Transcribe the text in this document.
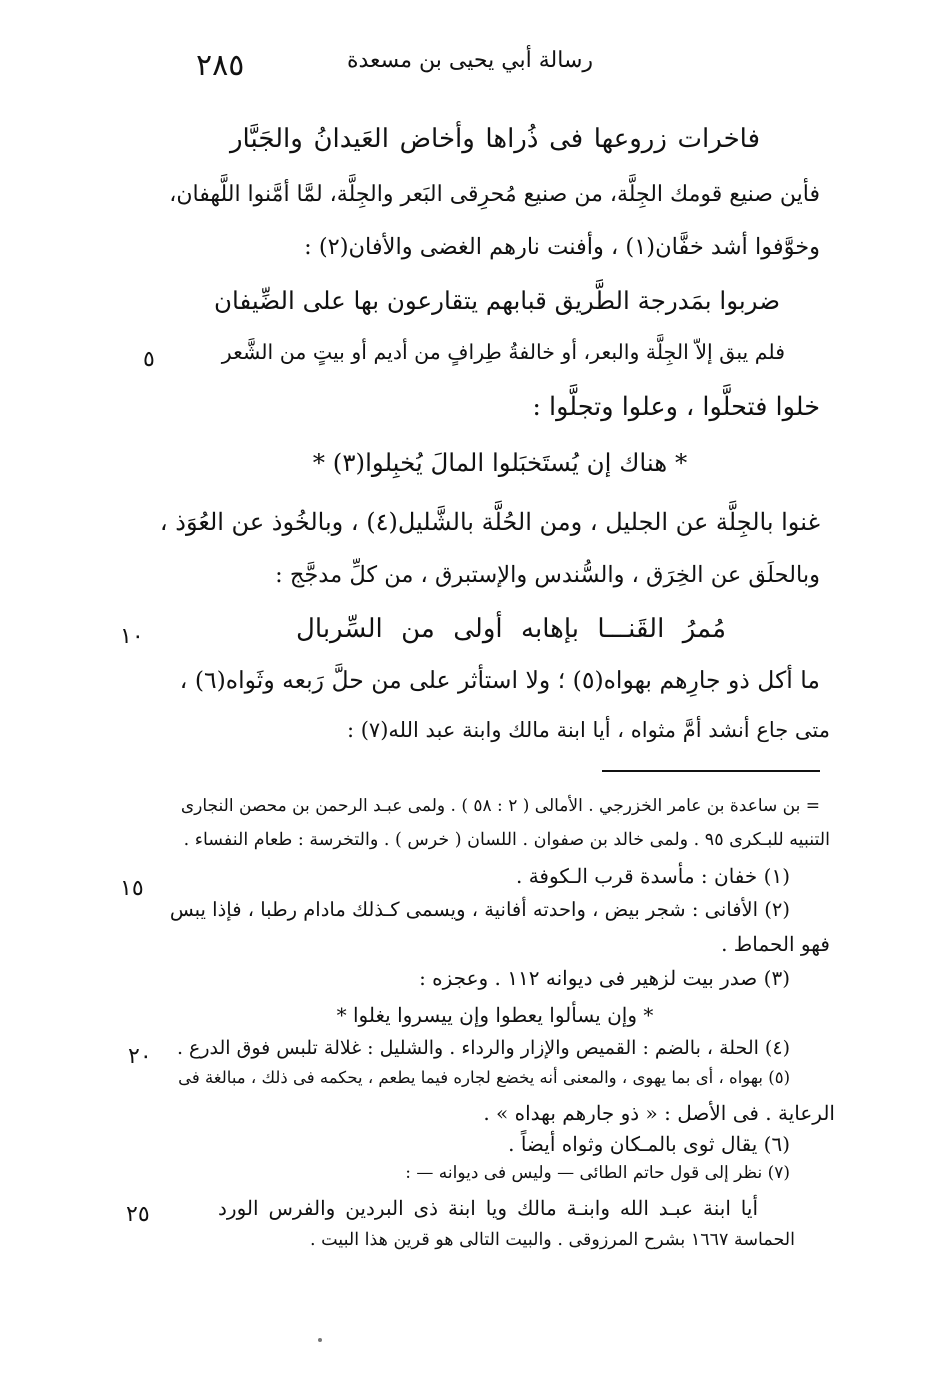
رسالة أبي يحيى بن مسعدة
٢٨٥
فاخرات زروعها فى ذُراها وأخاض العَيدانُ والجَبَّار
فأين صنيع قومك الجِلَّة، من صنيع مُحرِقى البَعر والجِلَّة، لمَّا أمَّنوا اللَّهفان،
وخوَّفوا أشد خفَّان(١) ، وأفنت نارهم الغضى والأفان(٢) :
ضربوا بمَدرجة الطَّريق قبابهم يتقارعون بها على الضِّيفان
فلم يبق إلاّ الجِلَّة والبعر، أو خالفةُ طِرافٍ من أديم أو بيتٍ من الشَّعر
٥
خلوا فتحلَّوا ، وعلوا وتجلَّوا :
* هناك إن يُستَخبَلوا المالَ يُخبِلوا(٣) *
غنوا بالجِلَّة عن الجليل ، ومن الحُلَّة بالشَّليل(٤) ، وبالخُوذ عن العُوَذ ،
وبالحلَق عن الخِرَق ، والسُّندس والإستبرق ، من كلِّ مدجَّج :
مُمرُ القَنـــا بإهابه أولى من السِّربال
١٠
ما أكل ذو جارِهم بهواه(٥) ؛ ولا استأثر على من حلَّ رَبعه وثَواه(٦) ،
متى جاع أنشد أمَّ مثواه ، أيا ابنة مالك وابنة عبد الله(٧) :
= بن ساعدة بن عامر الخزرجي . الأمالى ( ٢ : ٥٨ ) . ولمى عبـد الرحمن بن محصن النجارى
التنبيه للبـكرى ٩٥ . ولمى خالد بن صفوان . اللسان ( خرس ) . والتخرسة : طعام النفساء .
(١) خفان : مأسدة قرب الـكوفة .
١٥
(٢) الأفانى : شجر بيض ، واحدته أفانية ، ويسمى كـذلك مادام رطبا ، فإذا يبس
فهو الحماط .
(٣) صدر بيت لزهير فى ديوانه ١١٢ . وعجزه :
* وإن يسألوا يعطوا وإن ييسروا يغلوا *
(٤) الحلة ، بالضم : القميص والإزار والرداء . والشليل : غلالة تلبس فوق الدرع .
٢٠
(٥) بهواه ، أى بما يهوى ، والمعنى أنه يخضع لجاره فيما يطعم ، يحكمه فى ذلك ، مبالغة فى
الرعاية . فى الأصل : « ذو جارهم بهداه » .
(٦) يقال ثوى بالمـكان وثواه أيضاً .
(٧) نظر إلى قول حاتم الطائى — وليس فى ديوانه — :
أيا ابنة عبـد الله وابنـة مالك ويا ابنة ذى البردين والفرس الورد
٢٥
الحماسة ١٦٦٧ بشرح المرزوقى . والبيت التالى هو قرين هذا البيت .
